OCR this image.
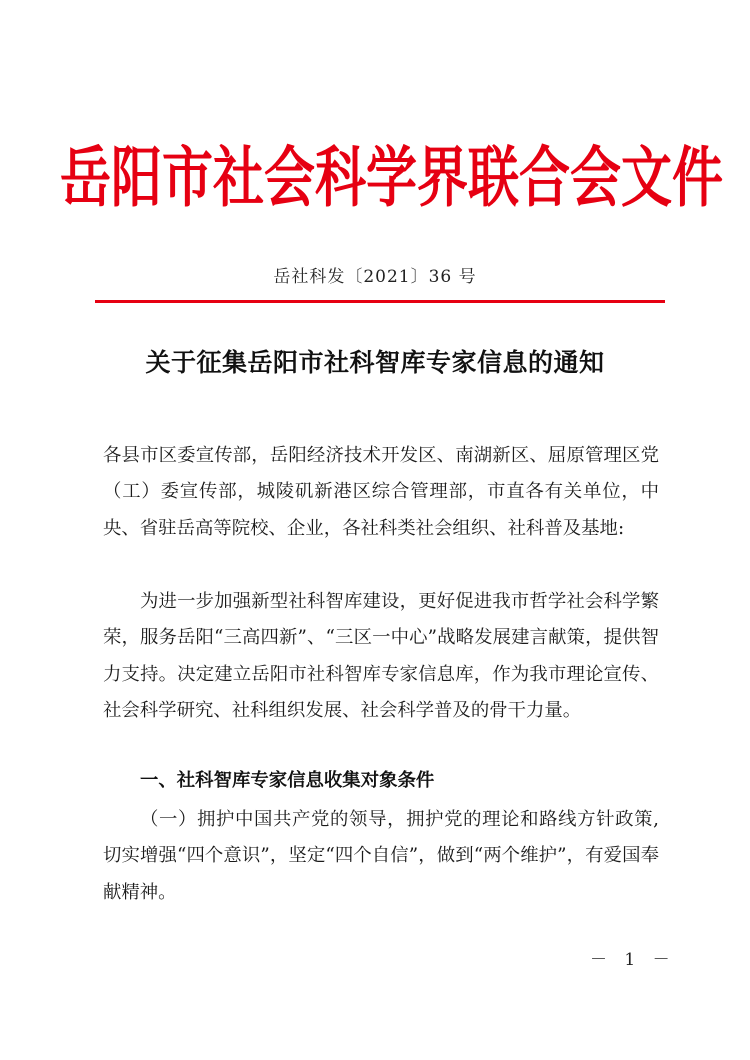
岳阳市社会科学界联合会文件
岳社科发〔2021〕36 号
关于征集岳阳市社科智库专家信息的通知
各县市区委宣传部，岳阳经济技术开发区、南湖新区、屈原管理区党（工）委宣传部，城陵矶新港区综合管理部，市直各有关单位，中央、省驻岳高等院校、企业，各社科类社会组织、社科普及基地:
为进一步加强新型社科智库建设，更好促进我市哲学社会科学繁荣，服务岳阳“三高四新”、“三区一中心”战略发展建言献策，提供智力支持。决定建立岳阳市社科智库专家信息库，作为我市理论宣传、社会科学研究、社科组织发展、社会科学普及的骨干力量。
一、社科智库专家信息收集对象条件
（一）拥护中国共产党的领导，拥护党的理论和路线方针政策,切实增强“四个意识”，坚定“四个自信”，做到“两个维护”，有爱国奉献精神。
－ 1 －
